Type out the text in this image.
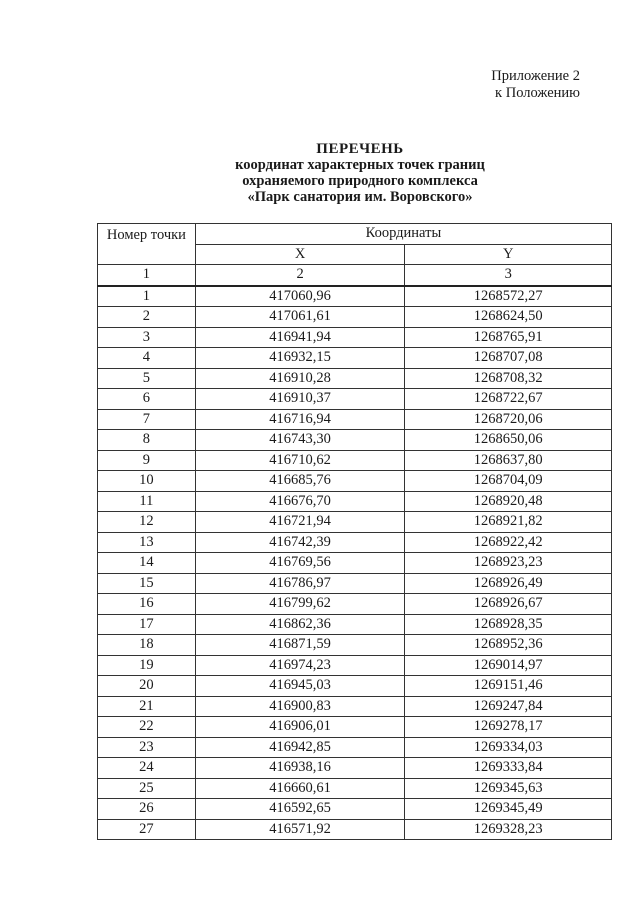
Приложение 2
к Положению
ПЕРЕЧЕНЬ
координат характерных точек границ
охраняемого природного комплекса
«Парк санатория им. Воровского»
Номер точки	Координаты	
	X	Y
1	2	3
1	417060,96	1268572,27
2	417061,61	1268624,50
3	416941,94	1268765,91
4	416932,15	1268707,08
5	416910,28	1268708,32
6	416910,37	1268722,67
7	416716,94	1268720,06
8	416743,30	1268650,06
9	416710,62	1268637,80
10	416685,76	1268704,09
11	416676,70	1268920,48
12	416721,94	1268921,82
13	416742,39	1268922,42
14	416769,56	1268923,23
15	416786,97	1268926,49
16	416799,62	1268926,67
17	416862,36	1268928,35
18	416871,59	1268952,36
19	416974,23	1269014,97
20	416945,03	1269151,46
21	416900,83	1269247,84
22	416906,01	1269278,17
23	416942,85	1269334,03
24	416938,16	1269333,84
25	416660,61	1269345,63
26	416592,65	1269345,49
27	416571,92	1269328,23
